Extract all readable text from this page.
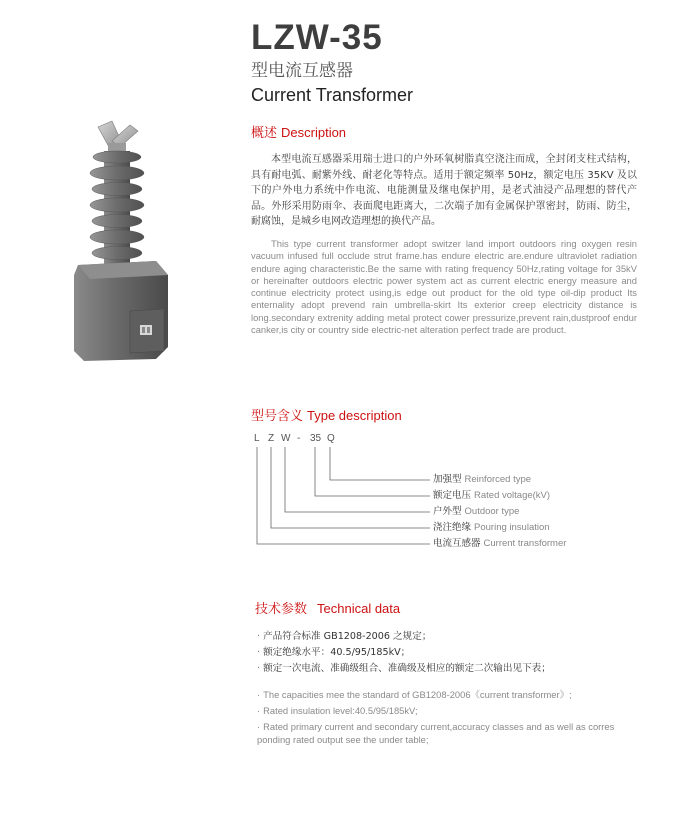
LZW-35
型电流互感器
Current Transformer
概述 Description
本型电流互感器采用瑞士进口的户外环氧树脂真空浇注而成，全封闭支柱式结构，具有耐电弧、耐紫外线、耐老化等特点。适用于额定频率 50Hz，额定电压 35KV 及以下的户外电力系统中作电流、电能测量及继电保护用，是老式油浸产品理想的替代产品。外形采用防雨伞、表面爬电距离大，二次端子加有金属保护罩密封，防雨、防尘，耐腐蚀，是城乡电网改造理想的换代产品。
This type current transformer adopt switzer land import outdoors ring oxygen resin vacuum infused full occlude strut frame.has endure electric are.endure ultraviolet radiation endure aging characteristic.Be the same with rating frequency 50Hz,rating voltage for 35kV or hereinafter outdoors electric power system act as current electric energy measure and continue electricity protect using,is edge out product for the old type oil-dip product Its enternality adopt prevend rain umbrella-skirt Its exterior creep electricity distance is long.secondary extrenity adding metal protect cower pressurize,prevent rain,dustproof endur canker,is city or country side electric-net alteration perfect trade are product.
型号含义 Type description
L Z W - 35 Q
加强型 Reinforced type
额定电压 Rated voltage(kV)
户外型 Outdoor type
浇注绝缘 Pouring insulation
电流互感器 Current transformer
技术参数 Technical data
· 产品符合标准 GB1208-2006 之规定；
· 额定绝缘水平：40.5/95/185kV；
· 额定一次电流、准确级组合、准确级及相应的额定二次输出见下表；
· The capacities mee the standard of GB1208-2006《current transformer》;
· Rated insulation level:40.5/95/185kV;
· Rated primary current and secondary current,accuracy classes and as well as corres ponding rated output see the under table;
